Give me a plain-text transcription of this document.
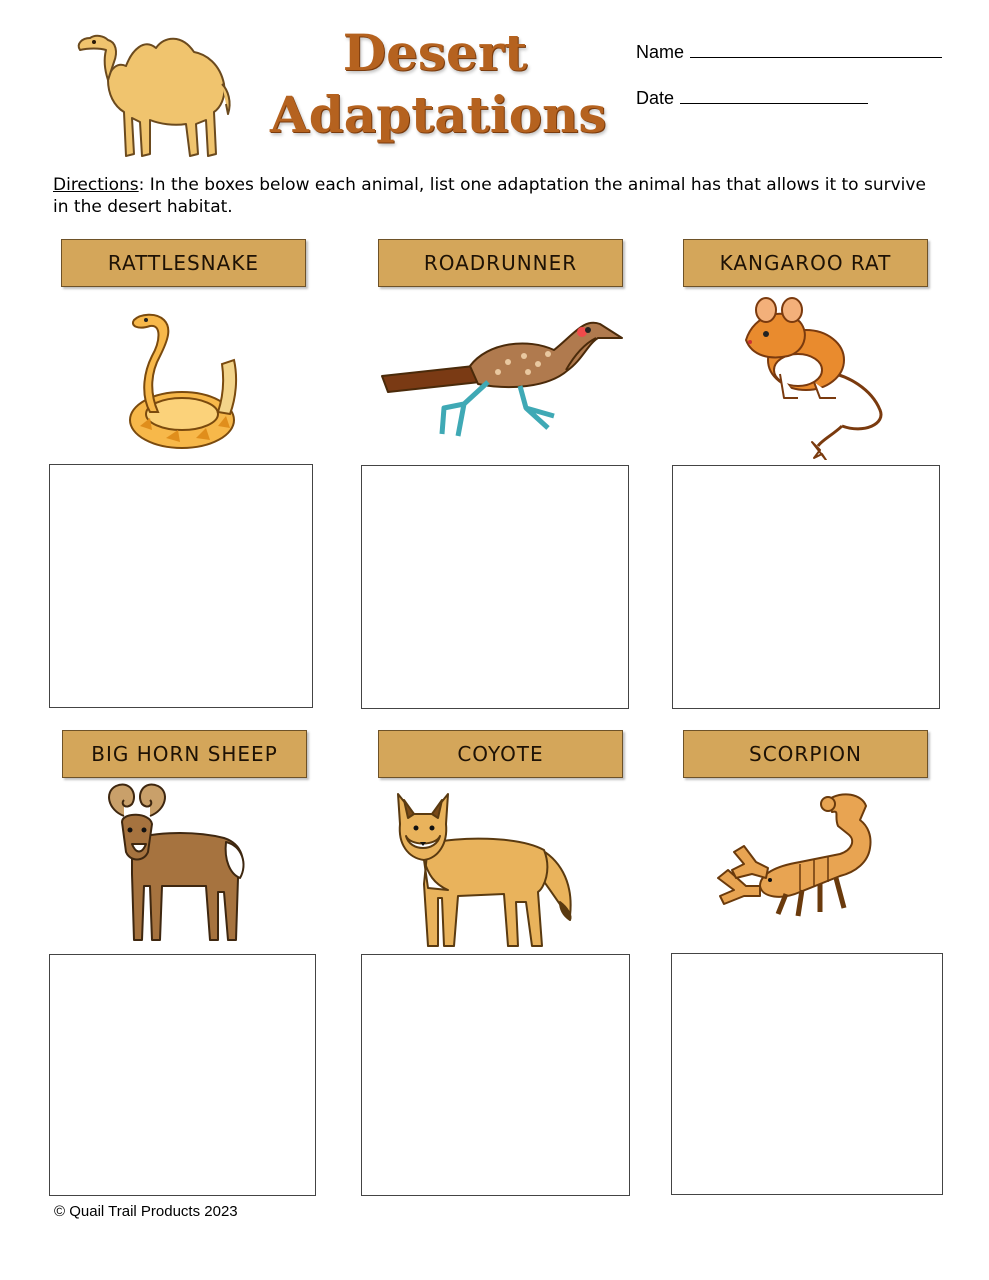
Desert
Adaptations
Name
Date
Directions: In the boxes below each animal, list one adaptation the animal has that allows it to survive in the desert habitat.
RATTLESNAKE	ROADRUNNER	KANGAROO RAT
BIG HORN SHEEP	COYOTE	SCORPION
© Quail Trail Products 2023
